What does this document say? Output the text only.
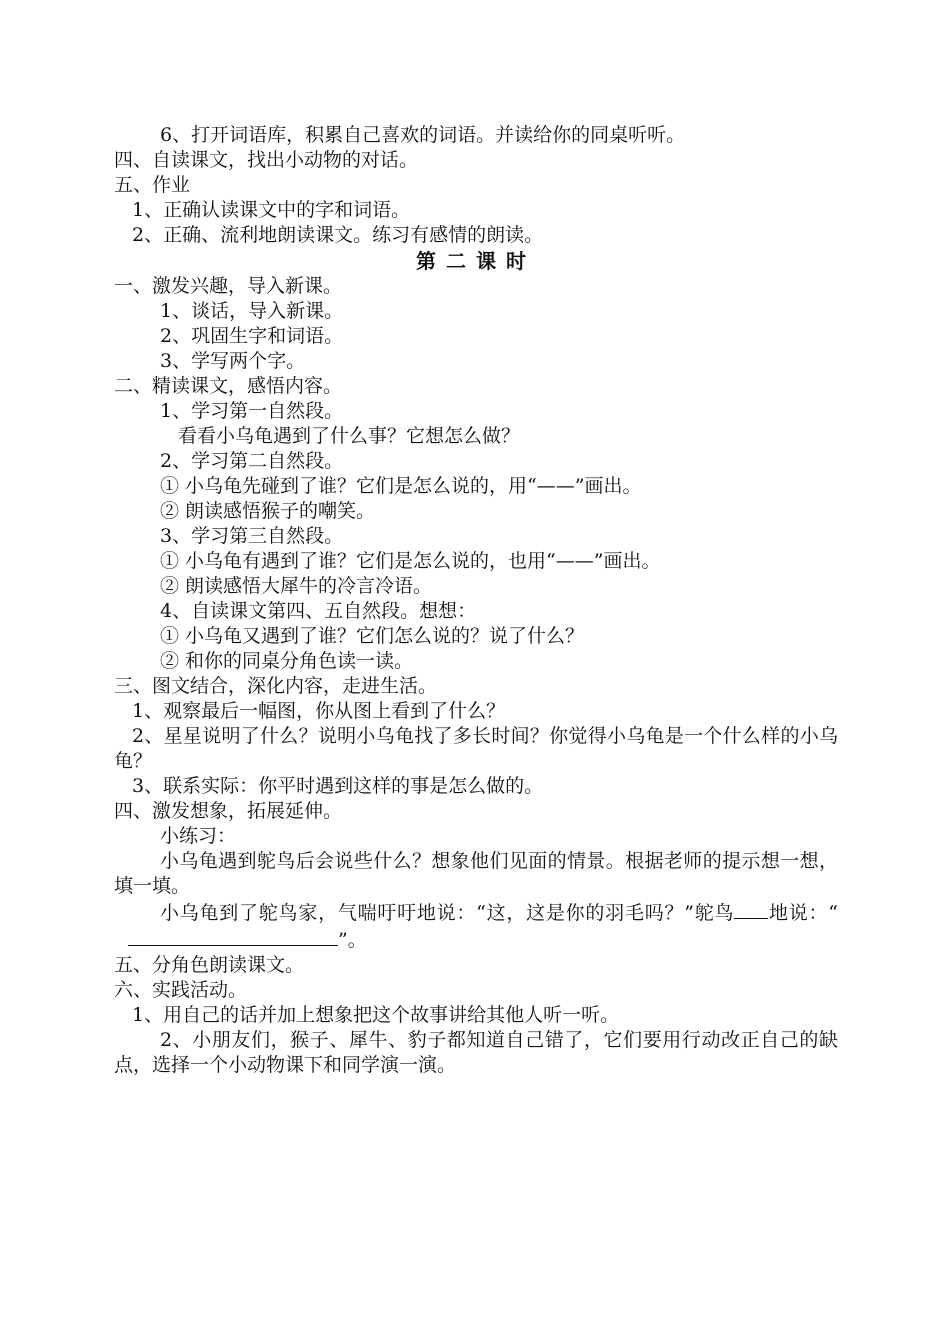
6、打开词语库，积累自己喜欢的词语。并读给你的同桌听听。
四、自读课文，找出小动物的对话。
五、作业
1、正确认读课文中的字和词语。
2、正确、流利地朗读课文。练习有感情的朗读。
第二课时
一、激发兴趣，导入新课。
1、谈话，导入新课。
2、巩固生字和词语。
3、学写两个字。
二、精读课文，感悟内容。
1、学习第一自然段。
看看小乌龟遇到了什么事？它想怎么做？
2、学习第二自然段。
① 小乌龟先碰到了谁？它们是怎么说的，用“——”画出。
② 朗读感悟猴子的嘲笑。
3、学习第三自然段。
① 小乌龟有遇到了谁？它们是怎么说的，也用“——”画出。
② 朗读感悟大犀牛的冷言冷语。
4、自读课文第四、五自然段。想想：
① 小乌龟又遇到了谁？它们怎么说的？说了什么？
② 和你的同桌分角色读一读。
三、图文结合，深化内容，走进生活。
1、观察最后一幅图，你从图上看到了什么？
2、星星说明了什么？说明小乌龟找了多长时间？你觉得小乌龟是一个什么样的小乌龟？
3、联系实际：你平时遇到这样的事是怎么做的。
四、激发想象，拓展延伸。
小练习：
小乌龟遇到鸵鸟后会说些什么？想象他们见面的情景。根据老师的提示想一想，填一填。
小乌龟到了鸵鸟家，气喘吁吁地说：“这，这是你的羽毛吗？”鸵鸟 地说：“”。
五、分角色朗读课文。
六、实践活动。
1、用自己的话并加上想象把这个故事讲给其他人听一听。
2、小朋友们，猴子、犀牛、豹子都知道自己错了，它们要用行动改正自己的缺点，选择一个小动物课下和同学演一演。
